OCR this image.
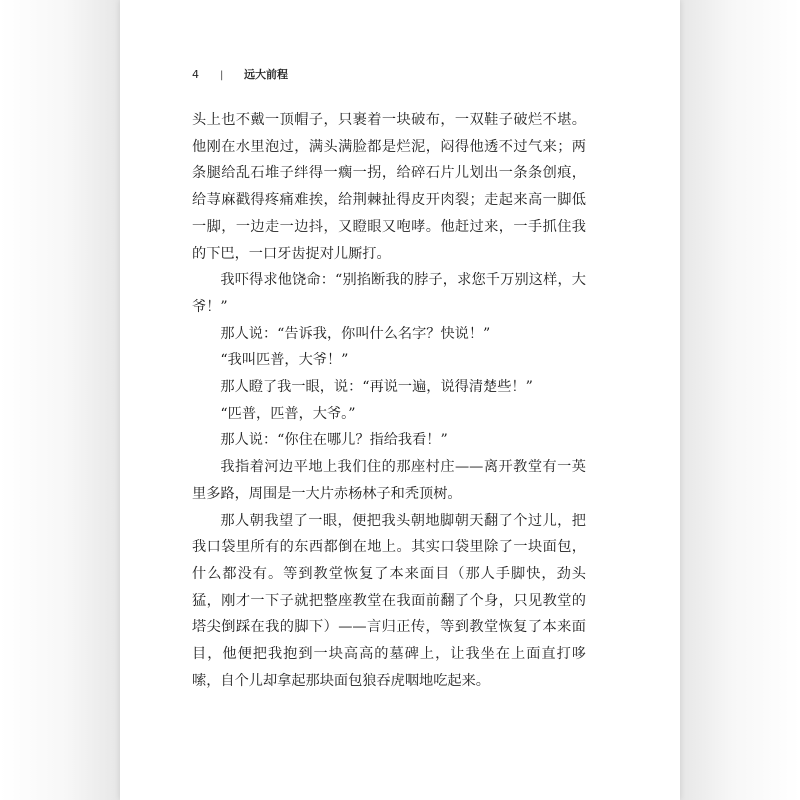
4 | 远大前程

头上也不戴一顶帽子，只裹着一块破布，一双鞋子破烂不堪。他刚在水里泡过，满头满脸都是烂泥，闷得他透不过气来；两条腿给乱石堆子绊得一瘸一拐，给碎石片儿划出一条条创痕，给荨麻戳得疼痛难挨，给荆棘扯得皮开肉裂；走起来高一脚低一脚，一边走一边抖，又瞪眼又咆哮。他赶过来，一手抓住我的下巴，一口牙齿捉对儿厮打。

我吓得求他饶命：“别掐断我的脖子，求您千万别这样，大爷！”

那人说：“告诉我，你叫什么名字？快说！”

“我叫匹普，大爷！”

那人瞪了我一眼，说：“再说一遍，说得清楚些！”

“匹普，匹普，大爷。”

那人说：“你住在哪儿？指给我看！”

我指着河边平地上我们住的那座村庄——离开教堂有一英里多路，周围是一大片赤杨林子和秃顶树。

那人朝我望了一眼，便把我头朝地脚朝天翻了个过儿，把我口袋里所有的东西都倒在地上。其实口袋里除了一块面包，什么都没有。等到教堂恢复了本来面目（那人手脚快，劲头猛，刚才一下子就把整座教堂在我面前翻了个身，只见教堂的塔尖倒踩在我的脚下）——言归正传，等到教堂恢复了本来面目，他便把我抱到一块高高的墓碑上，让我坐在上面直打哆嗦，自个儿却拿起那块面包狼吞虎咽地吃起来。
